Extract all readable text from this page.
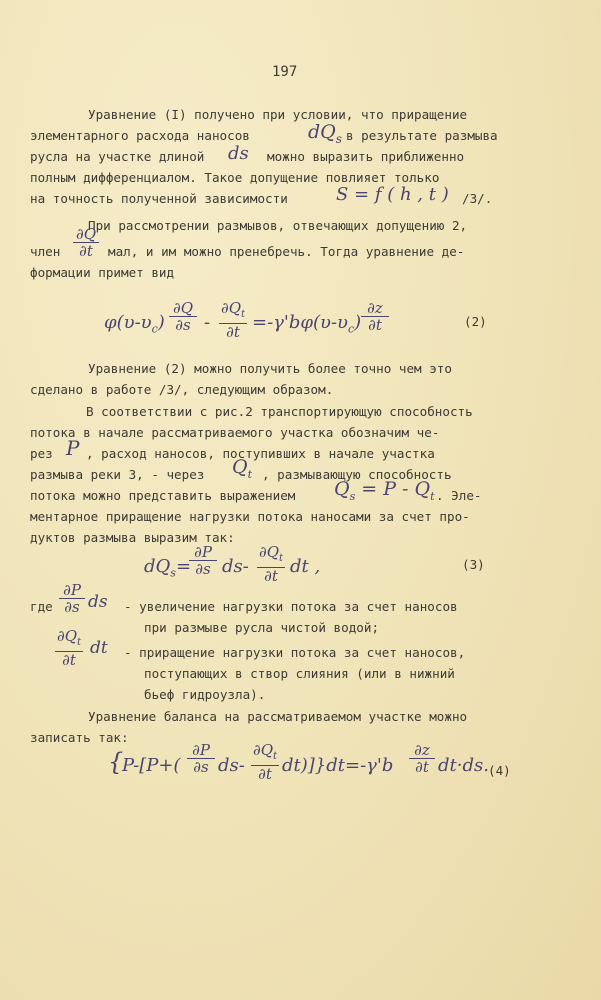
197
Уравнение (I) получено при условии, что приращение
элементарного расхода наносов	$dQ_s$ в результате размыва
русла на участке длиной ds можно выразить приближенно
полным дифференциалом. Такое допущение повлияет только
на точность полученной зависимости	S = f ( h , t ) /3/.
При рассмотрении размывов, отвечающих допущению 2,
член
∂Q
∂t	мал, и им можно пренебречь. Тогда уравнение де-
формации примет вид
$\varphi(\upsilon-\upsilon_c)$
∂Q
∂s -
$\partial Q_t$
$\partial t =-\gamma'b\varphi(\upsilon-\upsilon_c)$
∂z
∂t	(2)
Уравнение (2) можно получить более точно чем это
сделано в работе /3/, следующим образом.
В соответствии с рис.2 транспортирующую способность
потока в начале рассматриваемого участка обозначим че-
рез P , расход наносов, поступивших в начале участка
размыва реки 3, - через $Q_t$ , размывающую способность
потока можно представить выражением $Q_s = P - Q_t$ . Эле-
ментарное приращение нагрузки потока наносами за счет про-
дуктов размыва выразим так:
$dQ_s=$
∂P
∂s ds-
$\partial Q_t$
∂t dt ,	(3)
где
∂P
∂s ds - увеличение нагрузки потока за счет наносов
при размыве русла чистой водой;
$\partial Q_t$
∂t
dt - приращение нагрузки потока за счет наносов,
поступающих в створ слияния (или в нижний
бьеф гидроузла).
Уравнение баланса на рассматриваемом участке можно
записать так:
{
P-[P+(
∂P
∂s ds-
$\partial Q_t$
∂t dt)]}dt=-γ'b
∂z
∂t dt·ds. (4)
